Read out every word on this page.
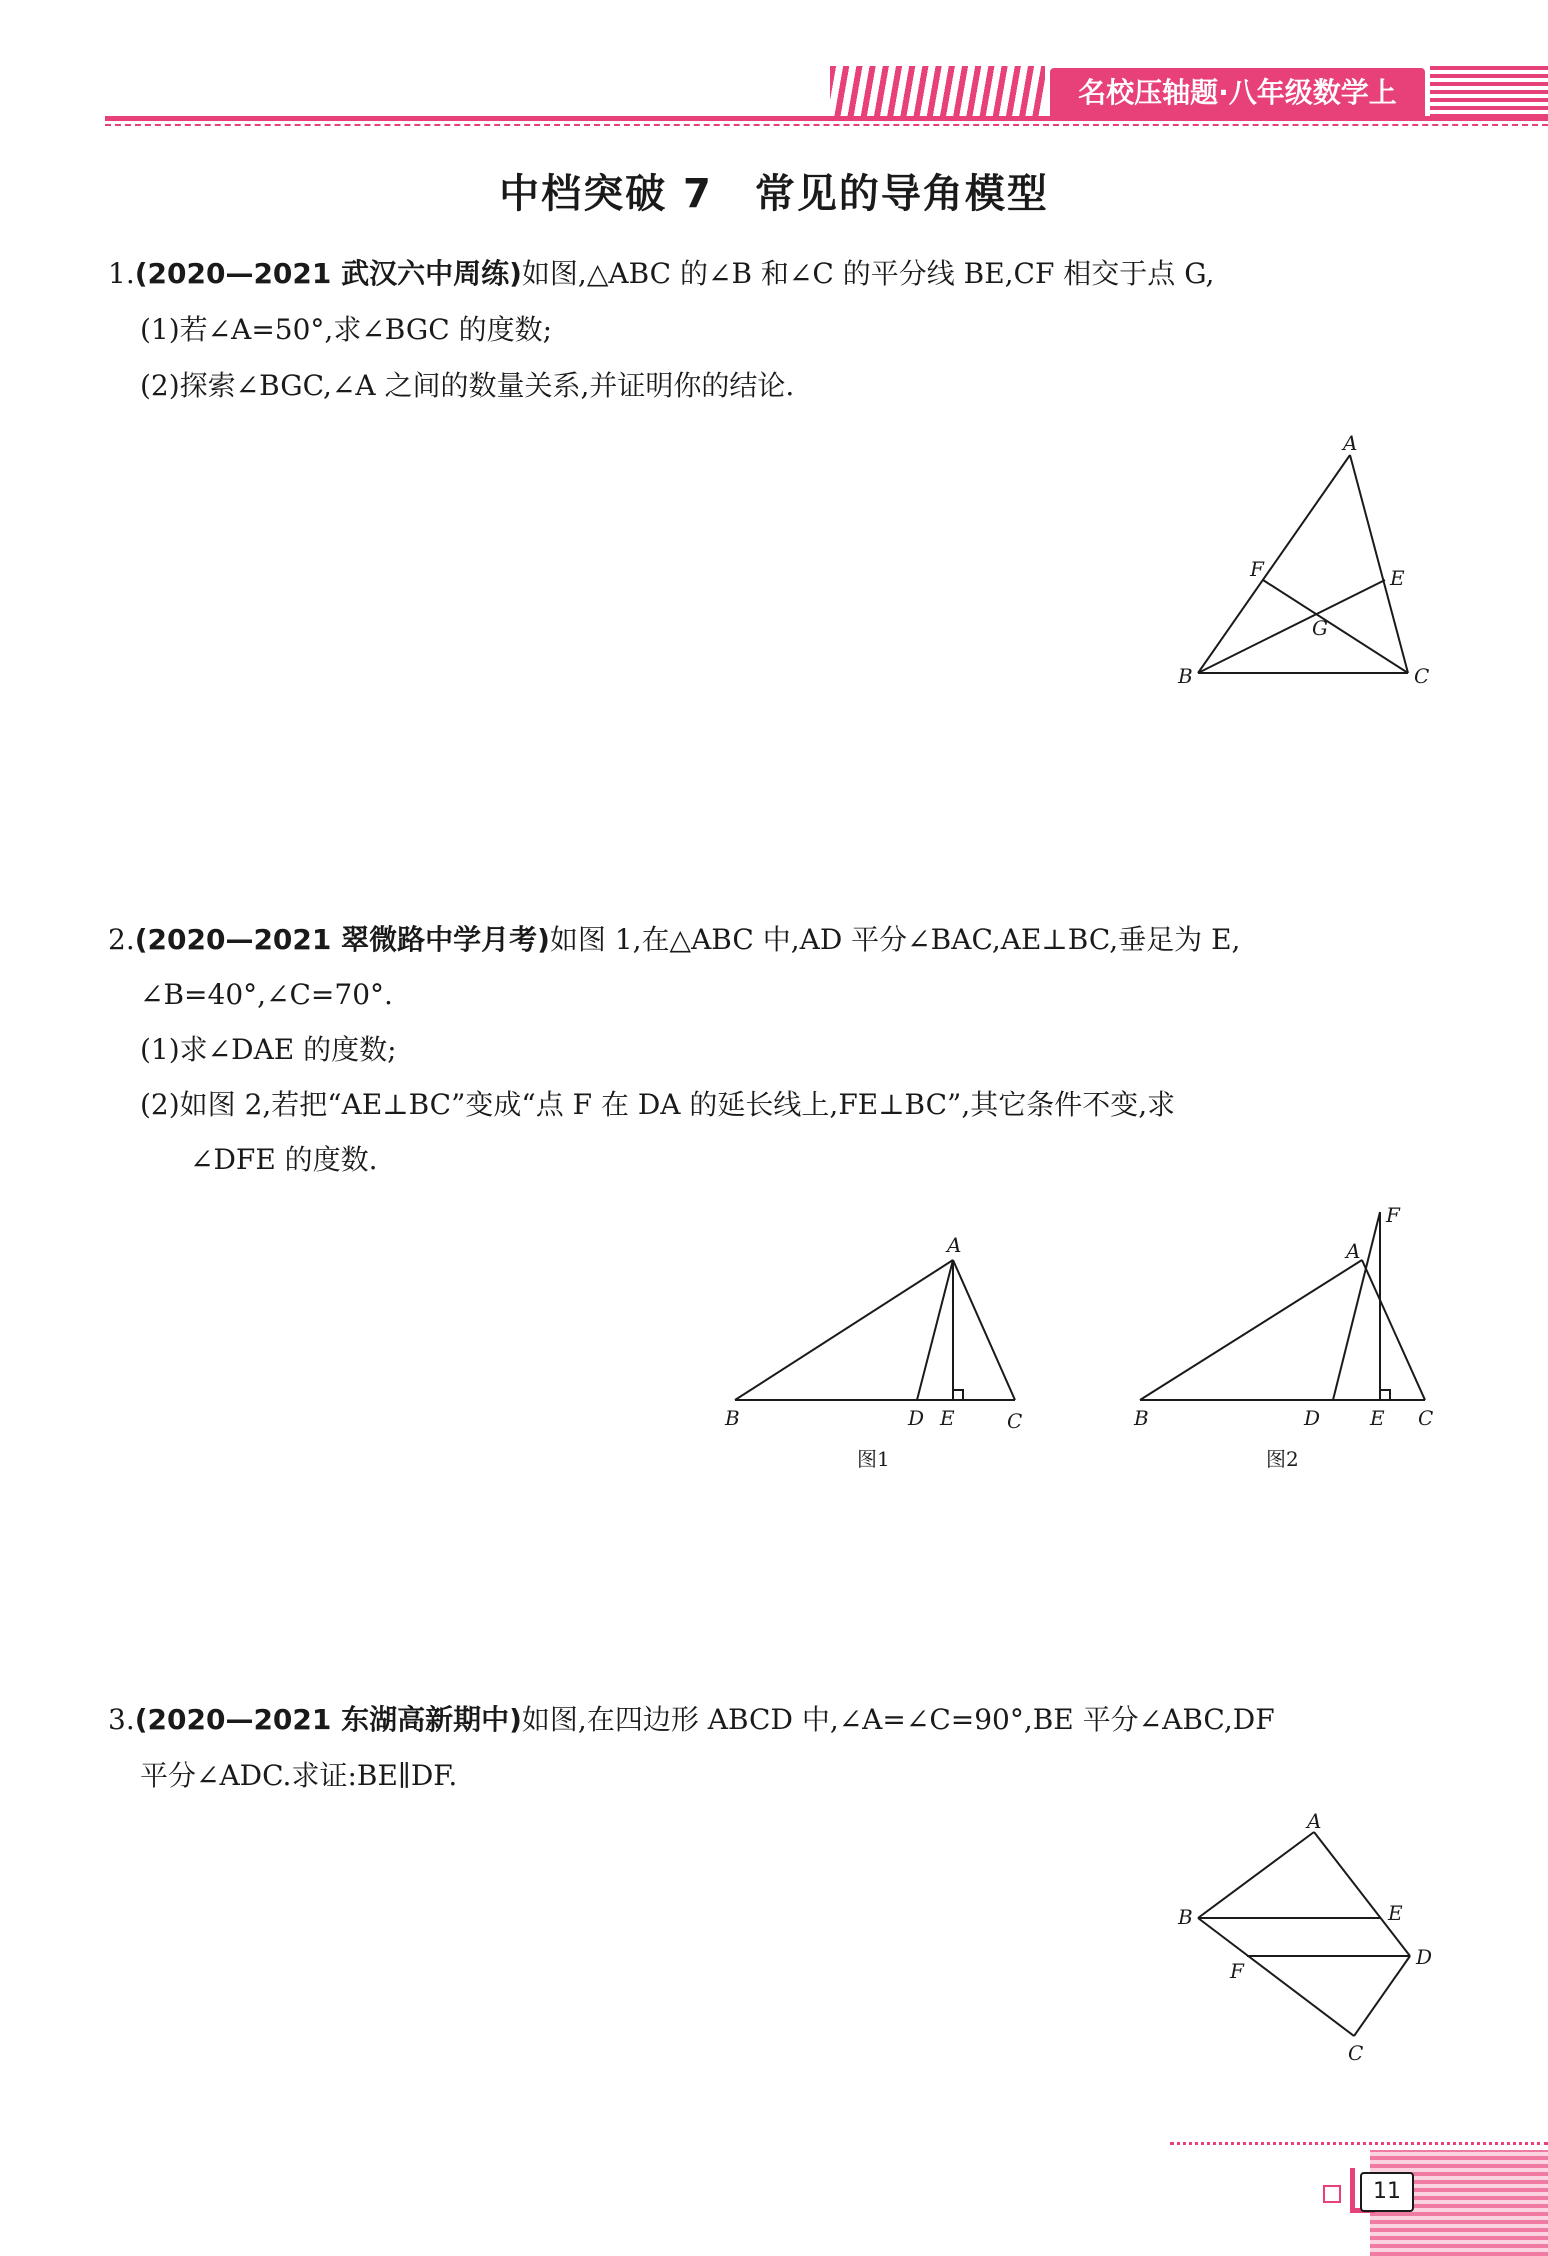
名校压轴题·八年级数学上
中档突破 7　常见的导角模型
1.(2020—2021 武汉六中周练)如图,△ABC 的∠B 和∠C 的平分线 BE,CF 相交于点 G,
(1)若∠A=50°,求∠BGC 的度数;
(2)探索∠BGC,∠A 之间的数量关系,并证明你的结论.
A
B	C
E
F
G
2.(2020—2021 翠微路中学月考)如图 1,在△ABC 中,AD 平分∠BAC,AE⊥BC,垂足为 E,
∠B=40°,∠C=70°.
(1)求∠DAE 的度数;
(2)如图 2,若把“AE⊥BC”变成“点 F 在 DA 的延长线上,FE⊥BC”,其它条件不变,求
∠DFE 的度数.
A
B	D E	C
图1
F
A
B	D E C
图2
3.(2020—2021 东湖高新期中)如图,在四边形 ABCD 中,∠A=∠C=90°,BE 平分∠ABC,DF
平分∠ADC.求证:BE∥DF.
A
B	E
D
F
C
11
